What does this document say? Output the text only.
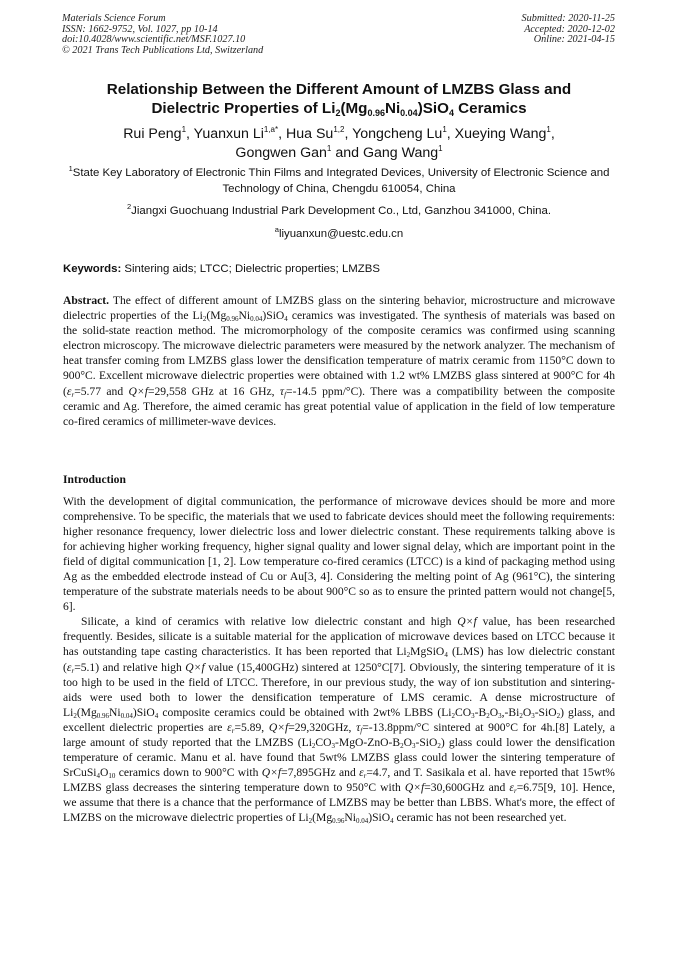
Materials Science Forum
ISSN: 1662-9752, Vol. 1027, pp 10-14
doi:10.4028/www.scientific.net/MSF.1027.10
© 2021 Trans Tech Publications Ltd, Switzerland
Submitted: 2020-11-25
Accepted: 2020-12-02
Online: 2021-04-15
Relationship Between the Different Amount of LMZBS Glass and
Dielectric Properties of $Li_2(Mg_{0.96}Ni_{0.04})SiO_4$ Ceramics
Rui Peng$^1$, Yuanxun $Li^{1,a*}$, Hua Su$^{1,2}$, Yongcheng Lu$^1$, Xueying Wang$^1$,
Gongwen Gan$^1$ and Gang Wang$^1$
$^1$State Key Laboratory of Electronic Thin Films and Integrated Devices, University of Electronic Science and Technology of China, Chengdu 610054, China
$^2$Jiangxi Guochuang Industrial Park Development Co., Ltd, Ganzhou 341000, China.
$^a$liyuanxun@uestc.edu.cn
Keywords: Sintering aids; LTCC; Dielectric properties; LMZBS
Abstract. The effect of different amount of LMZBS glass on the sintering behavior, microstructure and microwave dielectric properties of the $Li_2(Mg_{0.96}Ni_{0.04})SiO_4$ ceramics was investigated. The synthesis of materials was based on the solid-state reaction method. The micromorphology of the composite ceramics was confirmed using scanning electron microscopy. The microwave dielectric parameters were measured by the network analyzer. The mechanism of heat transfer coming from LMZBS glass lower the densification temperature of matrix ceramic from 1150°C down to 900°C. Excellent microwave dielectric properties were obtained with 1.2 wt% LMZBS glass sintered at 900°C for 4h ($\varepsilon_r=5.77$ and Q×f=29,558 GHz at 16 GHz, $\tau_f=-14.5$ ppm/°C). There was a compatibility between the composite ceramic and Ag. Therefore, the aimed ceramic has great potential value of application in the field of low temperature co-fired ceramics of millimeter-wave devices.
Introduction

With the development of digital communication, the performance of microwave devices should be more and more comprehensive. To be specific, the materials that we used to fabricate devices should meet the following requirements: higher resonance frequency, lower dielectric loss and lower dielectric constant. These requirements talking above is for achieving higher working frequency, higher signal quality and lower signal delay, which are important point in the field of digital communication [1, 2]. Low temperature co-fired ceramics (LTCC) is a kind of packaging method using Ag as the embedded electrode instead of Cu or Au[3, 4]. Considering the melting point of Ag (961°C), the sintering temperature of the substrate materials needs to be about 900°C so as to ensure the printed pattern would not change[5, 6].

Silicate, a kind of ceramics with relative low dielectric constant and high Q×f value, has been researched frequently. Besides, silicate is a suitable material for the application of microwave devices based on LTCC because it has outstanding tape casting characteristics. It has been reported that $Li_2MgSiO_4$ (LMS) has low dielectric constant $(\varepsilon_r=5.1)$ and relative high Q×f value (15,400GHz) sintered at 1250°C[7]. Obviously, the sintering temperature of it is too high to be used in the field of LTCC. Therefore, in our previous study, the way of ion substitution and sintering-aids were used both to lower the densification temperature of LMS ceramic. A dense microstructure of $Li_2(Mg_{0.96}Ni_{0.04})SiO_4$ composite ceramics could be obtained with 2wt% LBBS $(Li_2CO_3-B_2O_3,-Bi_2O_3-SiO_2)$ glass, and excellent dielectric properties are $\varepsilon_r=5.89$, Q×f=29,320GHz, $\tau_f=-13.8ppm/^\circ C$ sintered at 900°C for 4h.[8] Lately, a large amount of study reported that the LMZBS $(Li_2CO_3-MgO-ZnO-B_2O_3-SiO_2)$ glass could lower the densification temperature of ceramic. Manu et al. have found that 5wt% LMZBS glass could lower the sintering temperature of $SrCuSi_4O_{10}$ ceramics down to 900°C with Q×f=7,895GHz and $\varepsilon_r=4.7$, and T. Sasikala et al. have reported that 15wt% LMZBS glass decreases the sintering temperature down to 950°C with Q×f=30,600GHz and $\varepsilon_r=6.75[9$, 10]. Hence, we assume that there is a chance that the performance of LMZBS may be better than LBBS. What's more, the effect of LMZBS on the microwave dielectric properties of $Li_2(Mg_{0.96}Ni_{0.04})SiO_4$ ceramic has not been researched yet.
